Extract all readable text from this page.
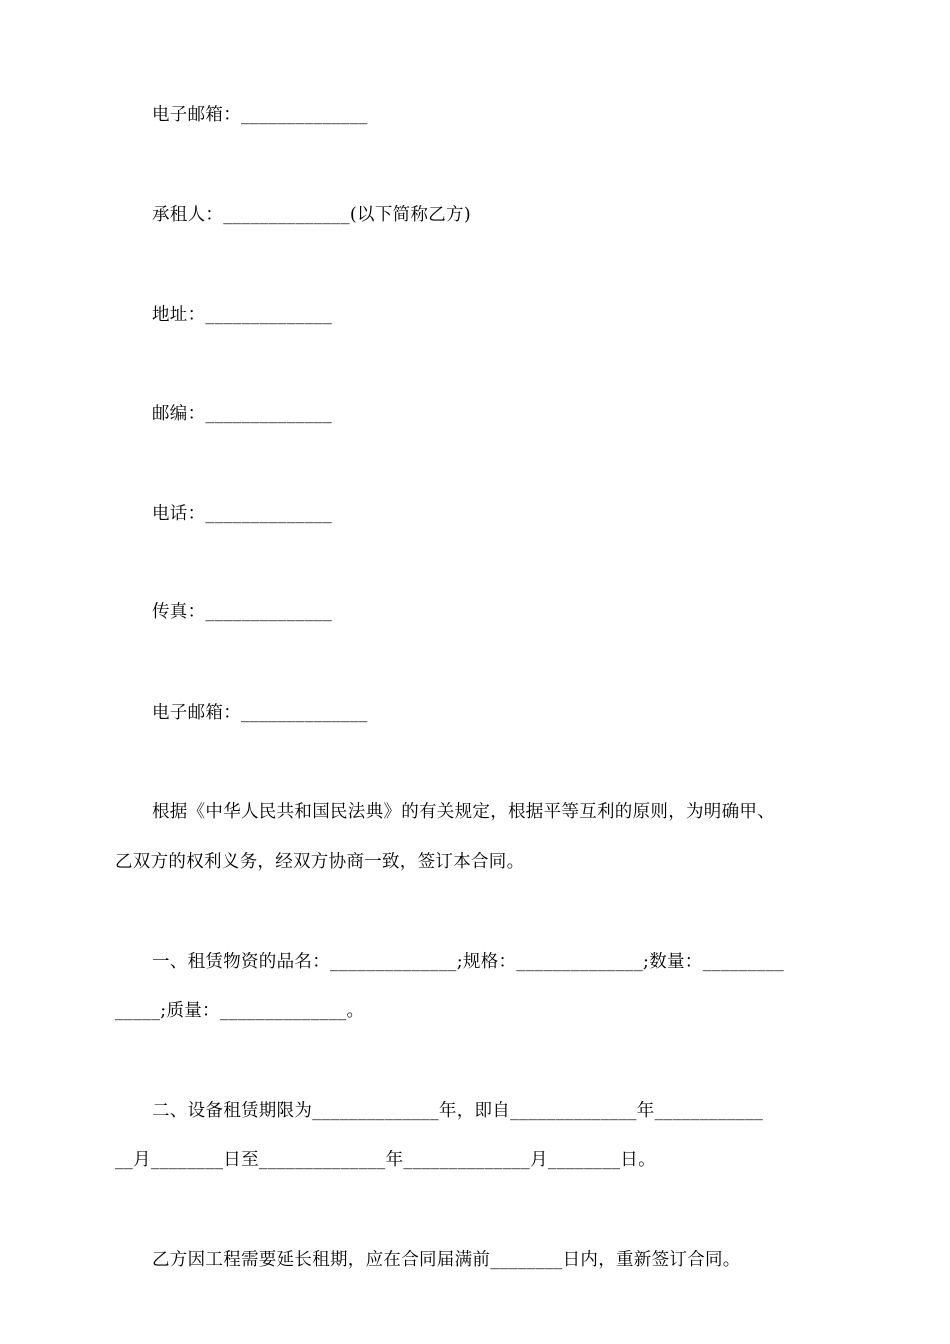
电子邮箱：______________
承租人：______________(以下简称乙方)
地址：______________
邮编：______________
电话：______________
传真：______________
电子邮箱：______________
根据《中华人民共和国民法典》的有关规定，根据平等互利的原则，为明确甲、
乙双方的权利义务，经双方协商一致，签订本合同。
一、租赁物资的品名：______________;规格：______________;数量：_________
_____;质量：______________。
二、设备租赁期限为______________年，即自______________年____________
__月________日至______________年______________月________日。
乙方因工程需要延长租期，应在合同届满前________日内，重新签订合同。
